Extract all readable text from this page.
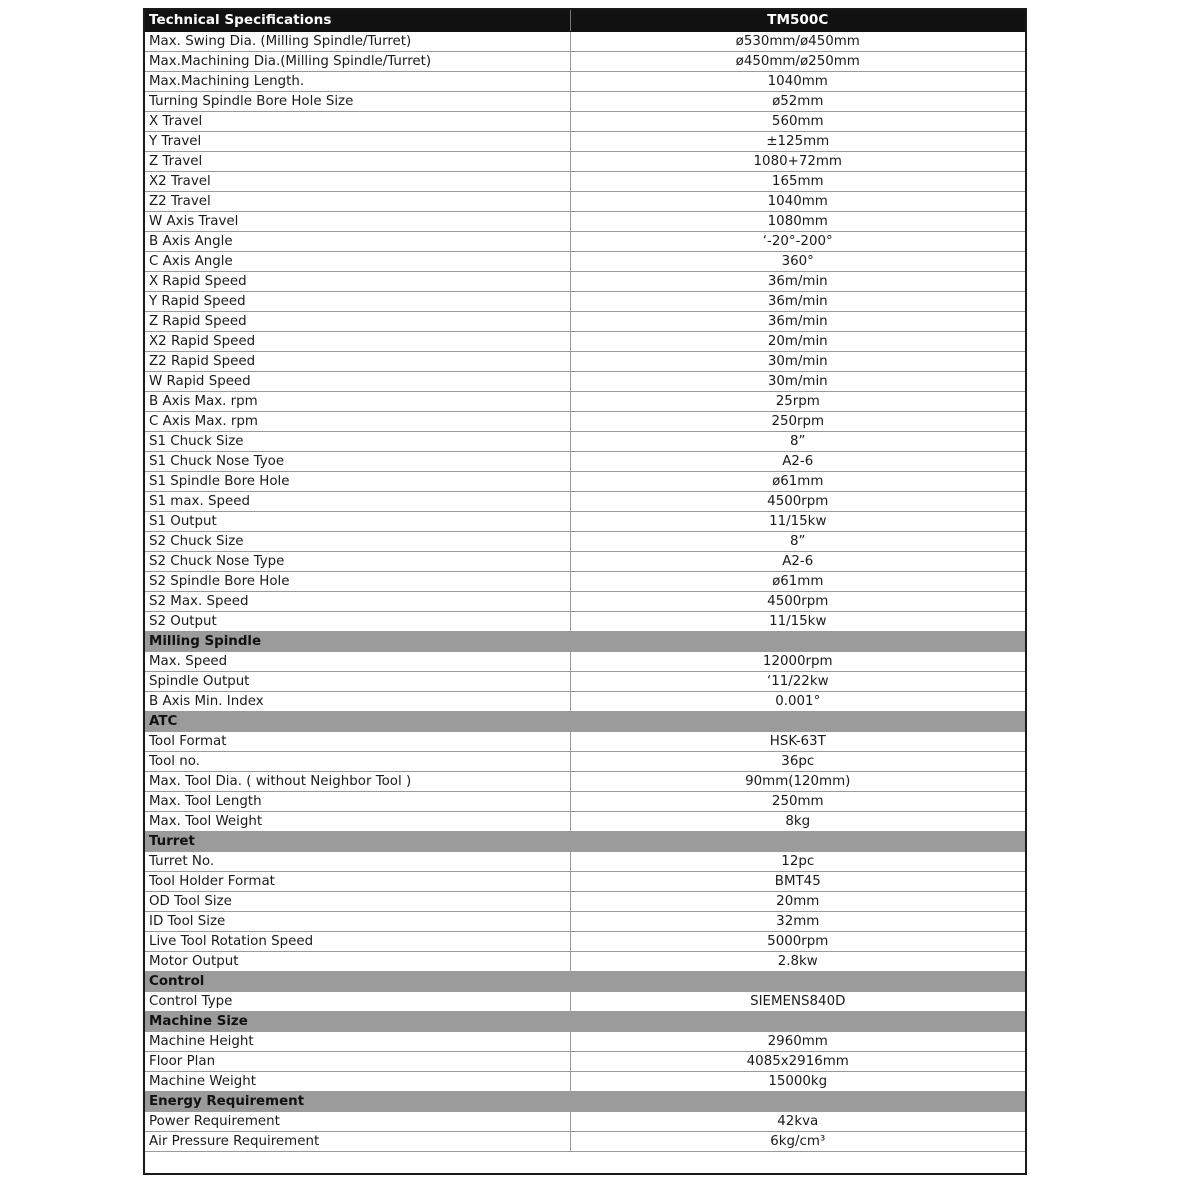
Technical Specifications	TM500C
Max. Swing Dia. (Milling Spindle/Turret)	ø530mm/ø450mm
Max.Machining Dia.(Milling Spindle/Turret)	ø450mm/ø250mm
Max.Machining Length.	1040mm
Turning Spindle Bore Hole Size	ø52mm
X Travel	560mm
Y Travel	±125mm
Z Travel	1080+72mm
X2 Travel	165mm
Z2 Travel	1040mm
W Axis Travel	1080mm
B Axis Angle	‘-20°-200°
C Axis Angle	360°
X Rapid Speed	36m/min
Y Rapid Speed	36m/min
Z Rapid Speed	36m/min
X2 Rapid Speed	20m/min
Z2 Rapid Speed	30m/min
W Rapid Speed	30m/min
B Axis Max. rpm	25rpm
C Axis Max. rpm	250rpm
S1 Chuck Size	8”
S1 Chuck Nose Tyoe	A2-6
S1 Spindle Bore Hole	ø61mm
S1 max. Speed	4500rpm
S1 Output	11/15kw
S2 Chuck Size	8”
S2 Chuck Nose Type	A2-6
S2 Spindle Bore Hole	ø61mm
S2 Max. Speed	4500rpm
S2 Output	11/15kw
Milling Spindle	
Max. Speed	12000rpm
Spindle Output	‘11/22kw
B Axis Min. Index	0.001°
ATC	
Tool Format	HSK-63T
Tool no.	36pc
Max. Tool Dia. ( without Neighbor Tool )	90mm(120mm)
Max. Tool Length	250mm
Max. Tool Weight	8kg
Turret	
Turret No.	12pc
Tool Holder Format	BMT45
OD Tool Size	20mm
ID Tool Size	32mm
Live Tool Rotation Speed	5000rpm
Motor Output	2.8kw
Control	
Control Type	SIEMENS840D
Machine Size	
Machine Height	2960mm
Floor Plan	4085x2916mm
Machine Weight	15000kg
Energy Requirement	
Power Requirement	42kva
Air Pressure Requirement	6kg/cm³
